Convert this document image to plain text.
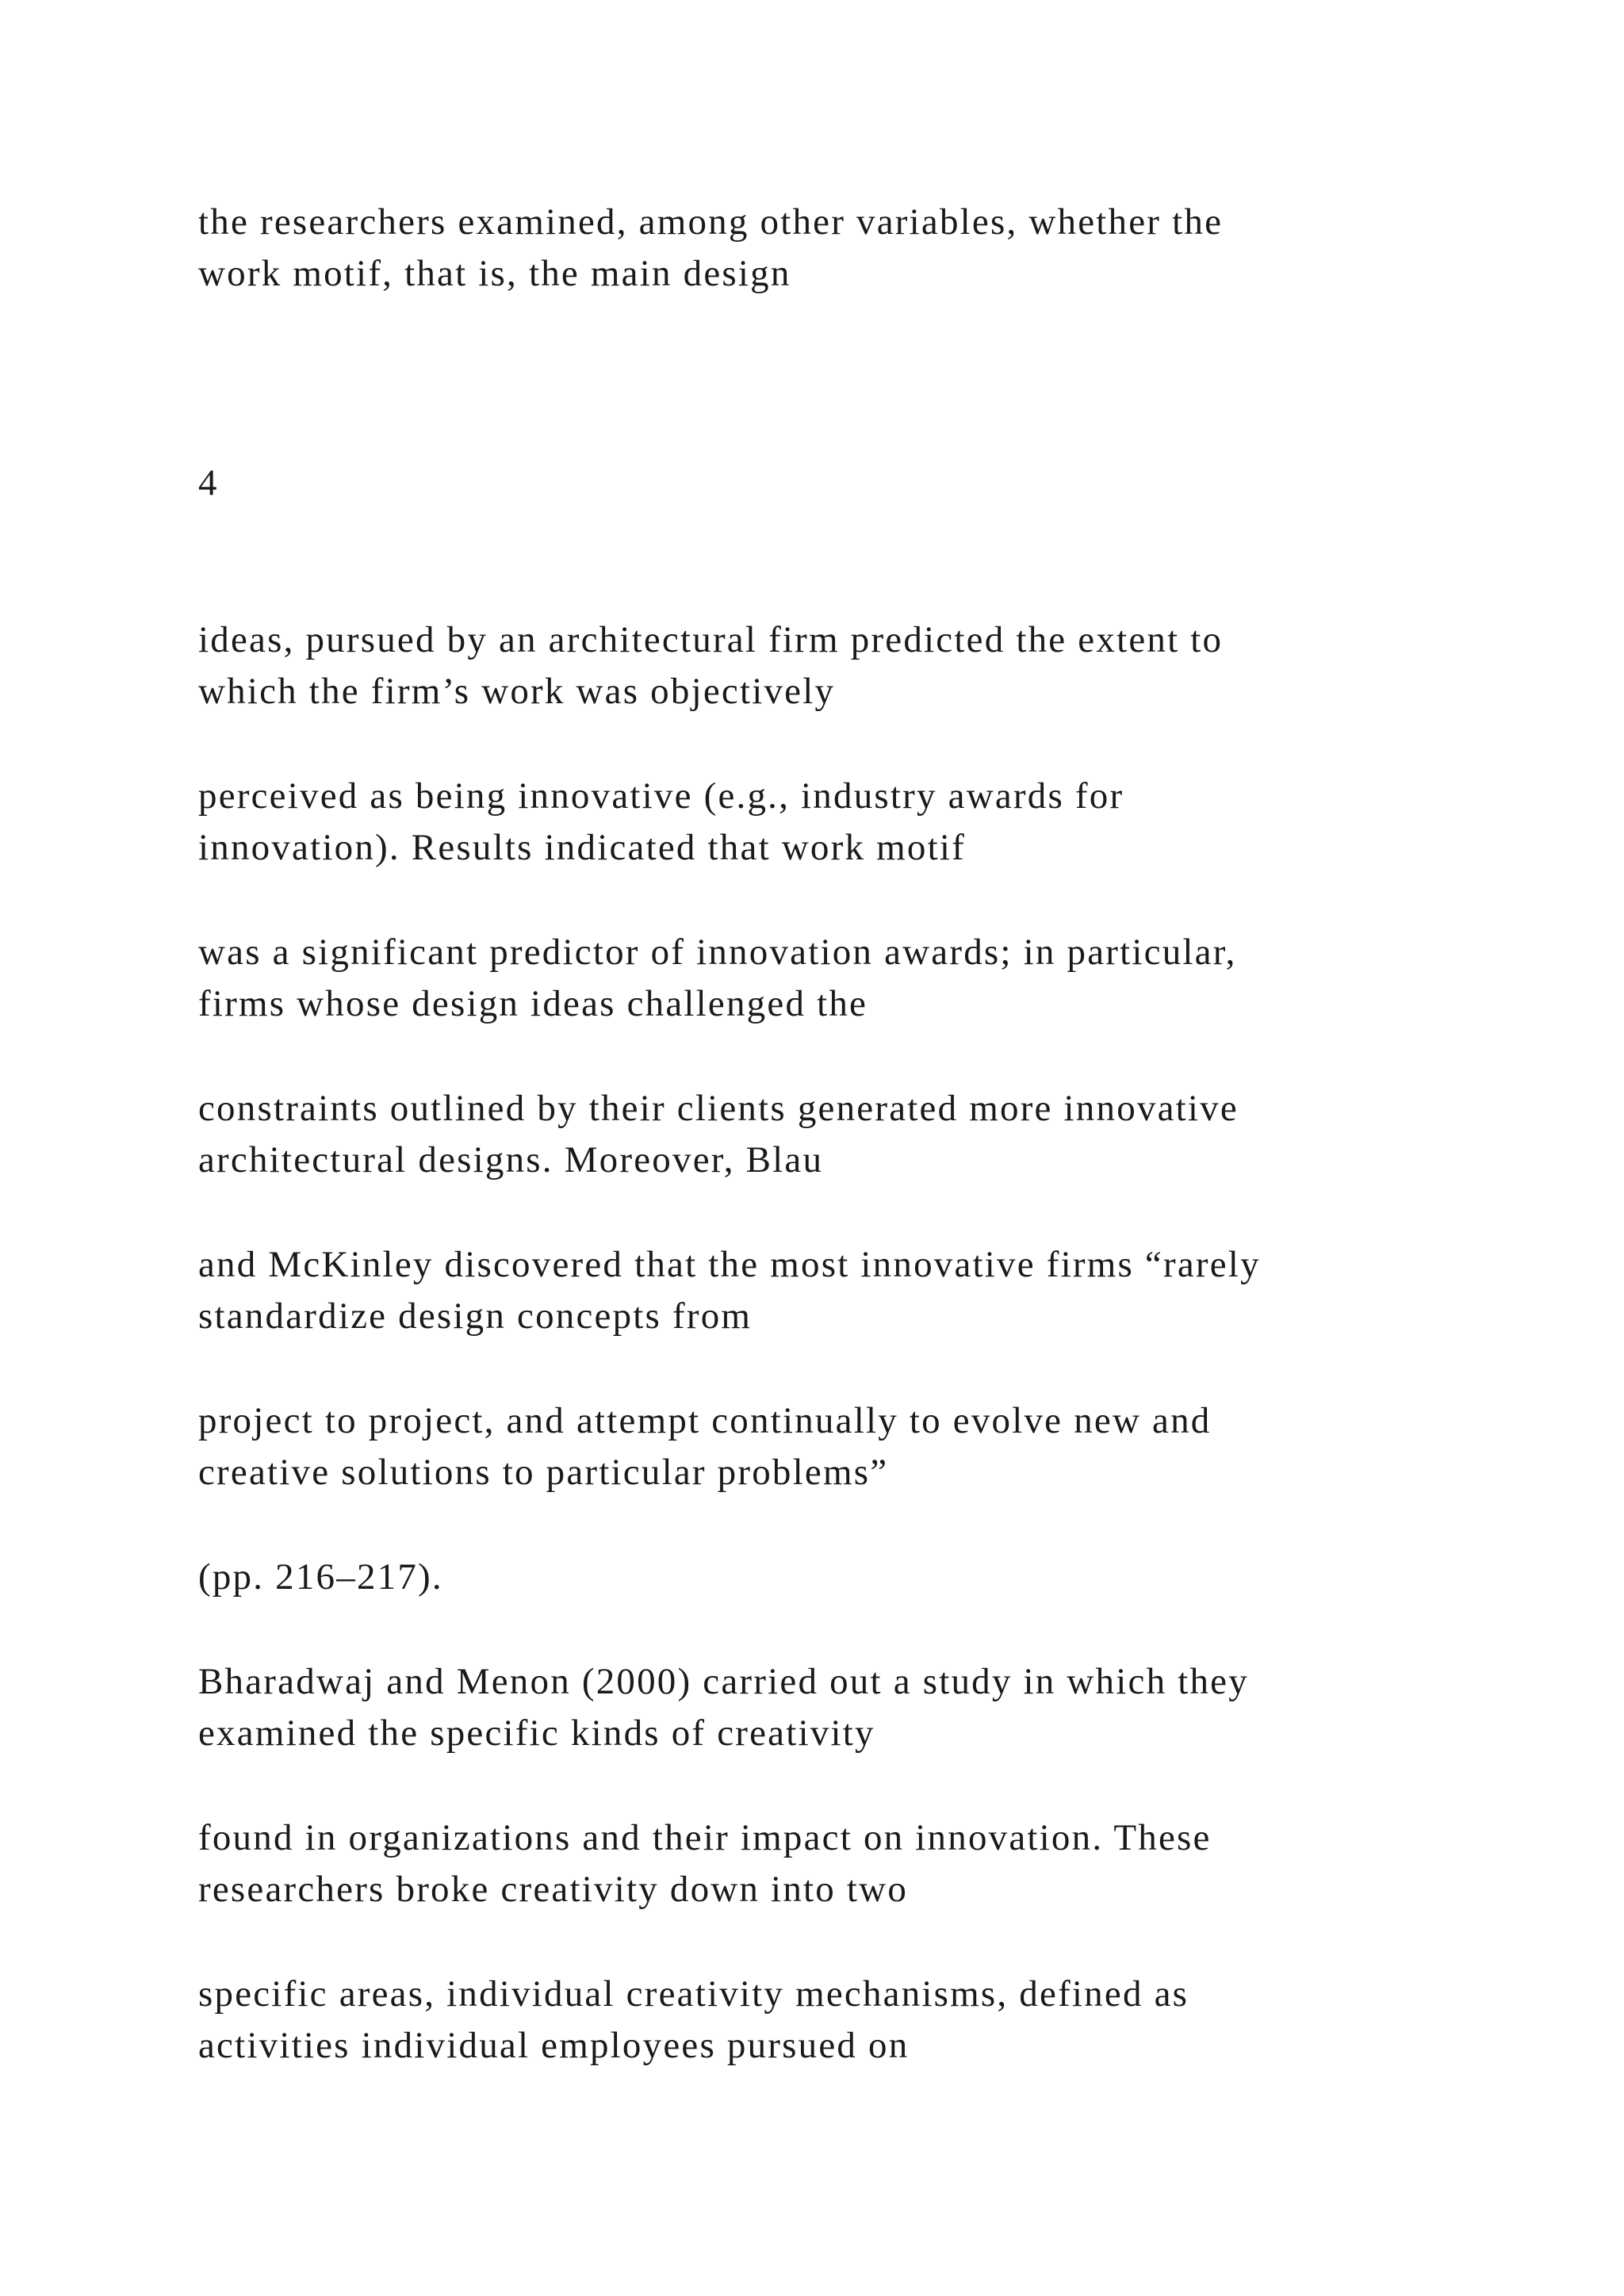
the researchers examined, among other variables, whether the
work motif, that is, the main design

4

ideas, pursued by an architectural firm predicted the extent to
which the firm’s work was objectively

perceived as being innovative (e.g., industry awards for
innovation). Results indicated that work motif

was a significant predictor of innovation awards; in particular,
firms whose design ideas challenged the

constraints outlined by their clients generated more innovative
architectural designs. Moreover, Blau

and McKinley discovered that the most innovative firms “rarely
standardize design concepts from

project to project, and attempt continually to evolve new and
creative solutions to particular problems”

(pp. 216–217).

Bharadwaj and Menon (2000) carried out a study in which they
examined the specific kinds of creativity

found in organizations and their impact on innovation. These
researchers broke creativity down into two

specific areas, individual creativity mechanisms, defined as
activities individual employees pursued on
